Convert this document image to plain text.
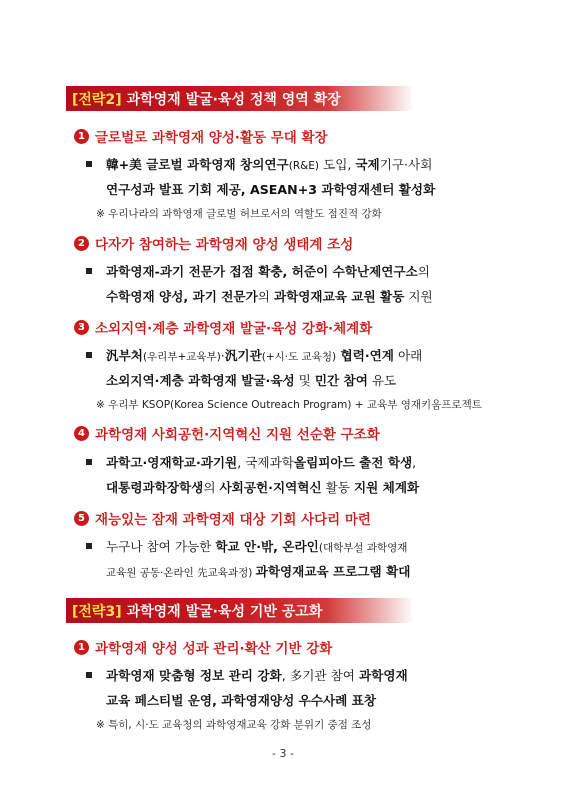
[전략2] 과학영재 발굴·육성 정책 영역 확장
1 글로벌로 과학영재 양성·활동 무대 확장
韓+美 글로벌 과학영재 창의연구(R&E) 도입, 국제기구·사회
연구성과 발표 기회 제공, ASEAN+3 과학영재센터 활성화
※ 우리나라의 과학영재 글로벌 허브로서의 역할도 점진적 강화
2 다자가 참여하는 과학영재 양성 생태계 조성
과학영재-과기 전문가 접점 확충, 허준이 수학난제연구소의
수학영재 양성, 과기 전문가의 과학영재교육 교원 활동 지원
3 소외지역·계층 과학영재 발굴·육성 강화·체계화
汎부처(우리부+교육부)·汎기관(+시·도 교육청) 협력·연계 아래
소외지역·계층 과학영재 발굴·육성 및 민간 참여 유도
※ 우리부 KSOP(Korea Science Outreach Program) + 교육부 영재키움프로젝트
4 과학영재 사회공헌·지역혁신 지원 선순환 구조화
과학고·영재학교·과기원, 국제과학올림피아드 출전 학생,
대통령과학장학생의 사회공헌·지역혁신 활동 지원 체계화
5 재능있는 잠재 과학영재 대상 기회 사다리 마련
누구나 참여 가능한 학교 안·밖, 온라인(대학부설 과학영재
교육원 공동·온라인 先교육과정) 과학영재교육 프로그램 확대
[전략3] 과학영재 발굴·육성 기반 공고화
1 과학영재 양성 성과 관리·확산 기반 강화
과학영재 맞춤형 정보 관리 강화, 多기관 참여 과학영재
교육 페스티벌 운영, 과학영재양성 우수사례 표창
※ 특히, 시·도 교육청의 과학영재교육 강화 분위기 중점 조성
- 3 -
